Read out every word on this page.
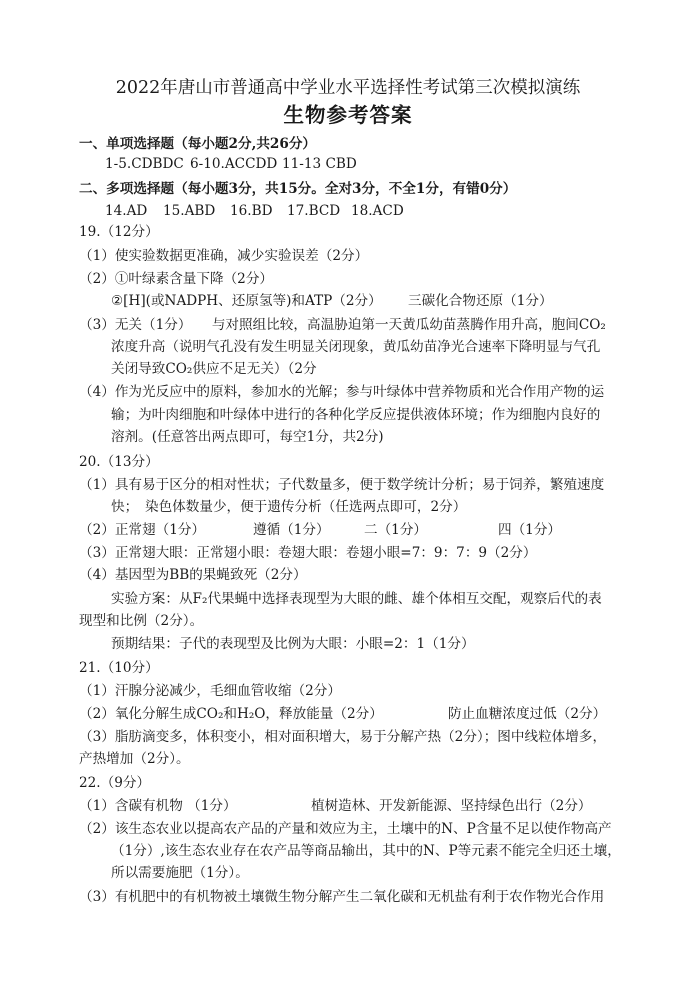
2022年唐山市普通高中学业水平选择性考试第三次模拟演练
生物参考答案
一、单项选择题（每小题2分,共26分）
1-5.CDBDC 6-10.ACCDD 11-13 CBD
二、多项选择题（每小题3分，共15分。全对3分，不全1分，有错0分）
14.AD 15.ABD 16.BD 17.BCD 18.ACD
19.（12分）
（1）使实验数据更准确，减少实验误差（2分）
（2）①叶绿素含量下降（2分）
②[H](或NADPH、还原氢等)和ATP（2分） 三碳化合物还原（1分）
（3）无关（1分）　　与对照组比较，高温胁迫第一天黄瓜幼苗蒸腾作用升高，胞间CO₂
浓度升高（说明气孔没有发生明显关闭现象，黄瓜幼苗净光合速率下降明显与气孔
关闭导致CO₂供应不足无关）（2分
（4）作为光反应中的原料，参加水的光解；参与叶绿体中营养物质和光合作用产物的运
输；为叶肉细胞和叶绿体中进行的各种化学反应提供液体环境；作为细胞内良好的
溶剂。(任意答出两点即可，每空1分，共2分)
20.（13分）
（1）具有易于区分的相对性状；子代数量多，便于数学统计分析；易于饲养，繁殖速度
快；　染色体数量少，便于遗传分析（任选两点即可，2分）
（2）正常翅（1分）	遵循（1分）	二（1分）	四（1分）
（3）正常翅大眼：正常翅小眼：卷翅大眼：卷翅小眼=7：9：7：9（2分）
（4）基因型为BB的果蝇致死（2分）
实验方案：从F₂代果蝇中选择表现型为大眼的雌、雄个体相互交配，观察后代的表
现型和比例（2分）。
预期结果：子代的表现型及比例为大眼：小眼=2：1（1分）
21.（10分）
（1）汗腺分泌减少，毛细血管收缩（2分）
（2）氧化分解生成CO₂和H₂O，释放能量（2分）	防止血糖浓度过低（2分）
（3）脂肪滴变多，体积变小，相对面积增大，易于分解产热（2分）；图中线粒体增多，
产热增加（2分）。
22.（9分）
（1）含碳有机物 （1分）	植树造林、开发新能源、坚持绿色出行（2分）
（2）该生态农业以提高农产品的产量和效应为主，土壤中的N、P含量不足以使作物高产
（1分）,该生态农业存在农产品等商品输出，其中的N、P等元素不能完全归还土壤，
所以需要施肥（1分）。
（3）有机肥中的有机物被土壤微生物分解产生二氧化碳和无机盐有利于农作物光合作用
